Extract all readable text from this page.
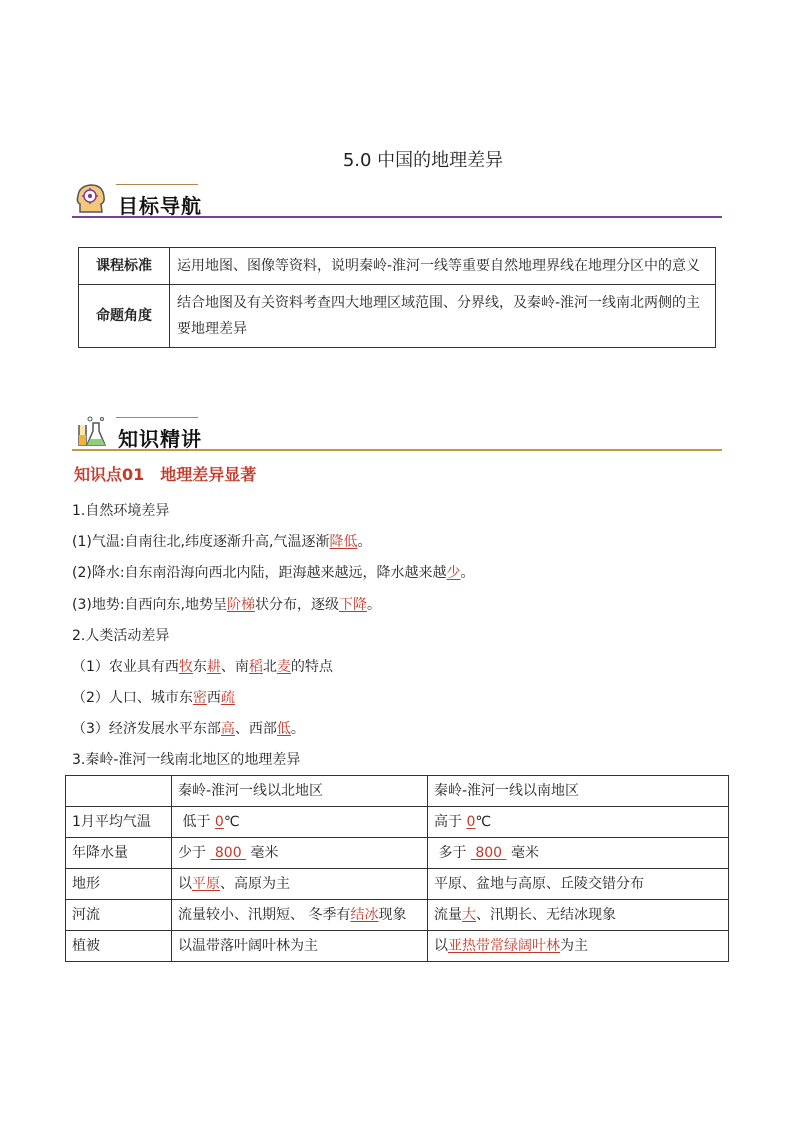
5.0 中国的地理差异
目标导航
课程标准	运用地图、图像等资料，说明秦岭-淮河一线等重要自然地理界线在地理分区中的意义
命题角度	结合地图及有关资料考查四大地理区域范围、分界线，及秦岭-淮河一线南北两侧的主要地理差异
知识精讲
知识点01　地理差异显著
1.自然环境差异
(1)气温:自南往北,纬度逐渐升高,气温逐渐降低。
(2)降水:自东南沿海向西北内陆，距海越来越远，降水越来越少。
(3)地势:自西向东,地势呈阶梯状分布，逐级下降。
2.人类活动差异
（1）农业具有西牧东耕、南稻北麦的特点
（2）人口、城市东密西疏
（3）经济发展水平东部高、西部低。
3.秦岭-淮河一线南北地区的地理差异
	秦岭-淮河一线以北地区	秦岭-淮河一线以南地区
1月平均气温	低于 0℃	高于 0℃
年降水量	少于  800  毫米	多于  800  毫米
地形	以平原、高原为主	平原、盆地与高原、丘陵交错分布
河流	流量较小、汛期短、 冬季有结冰现象	流量大、汛期长、无结冰现象
植被	以温带落叶阔叶林为主	以亚热带常绿阔叶林为主
